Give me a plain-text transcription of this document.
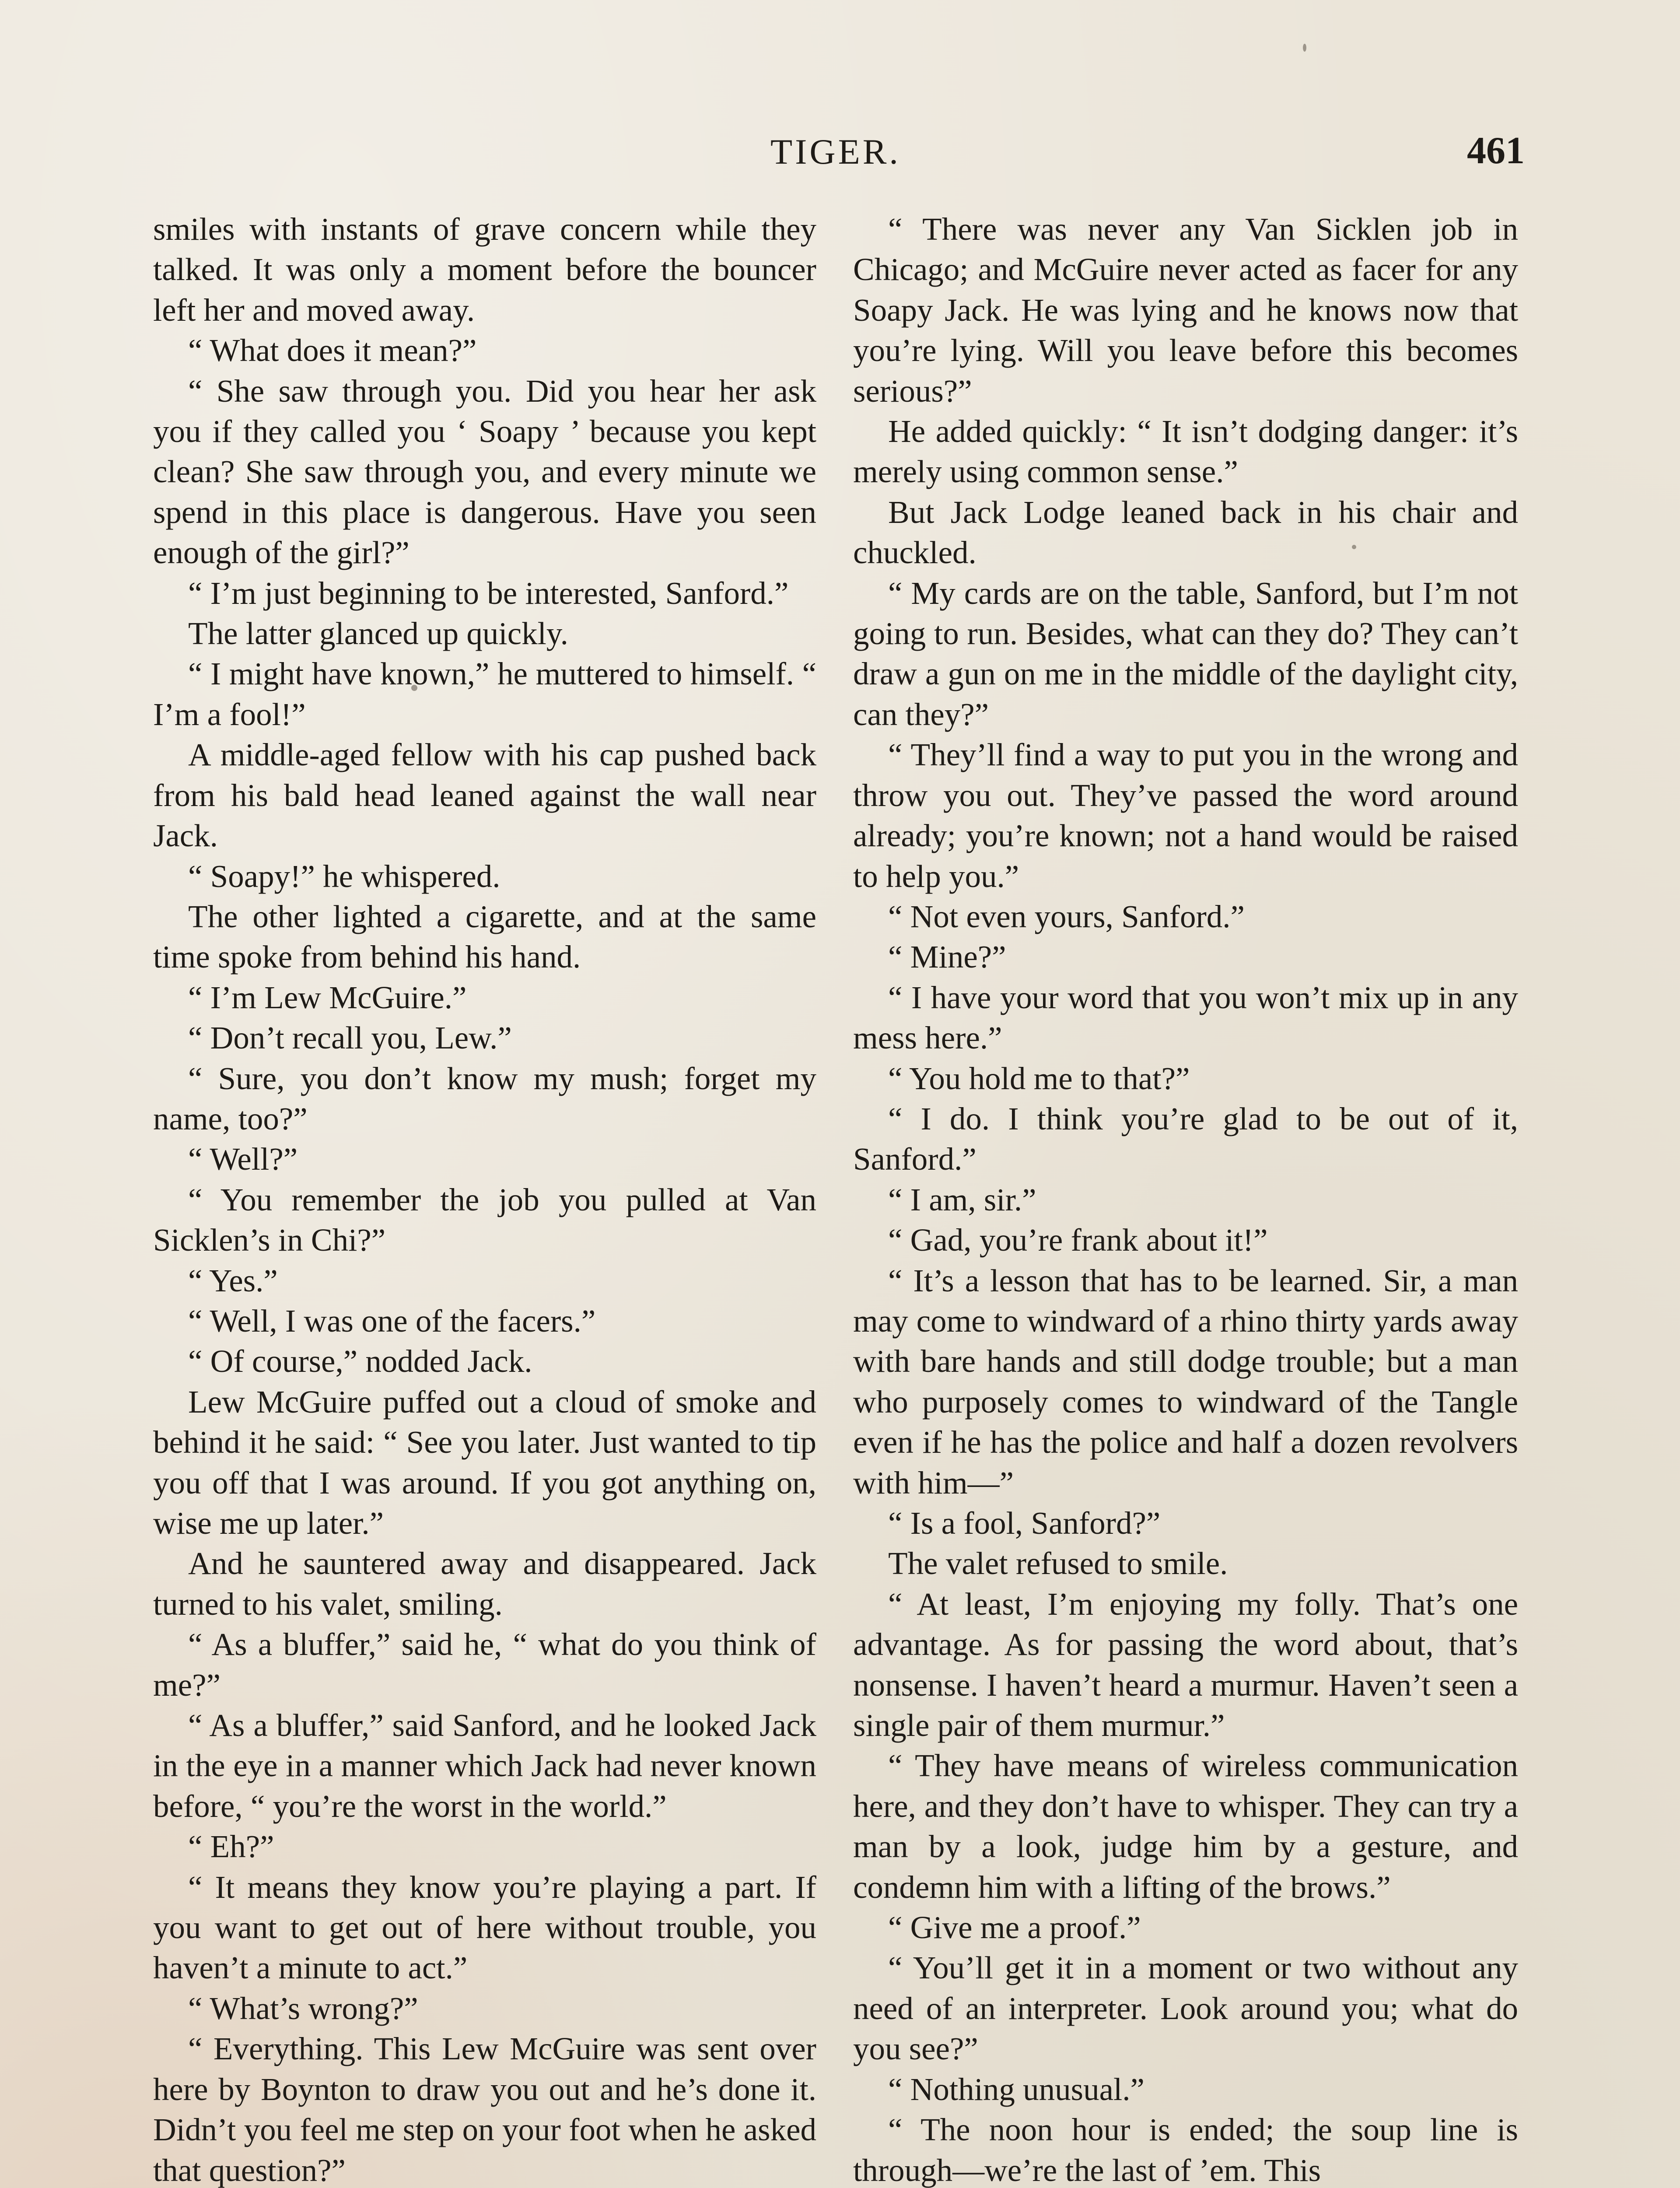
TIGER.	461

smiles with instants of grave concern while they talked. It was only a moment before the bouncer left her and moved away.

“ What does it mean?”

“ She saw through you. Did you hear her ask you if they called you ‘ Soapy ’ because you kept clean? She saw through you, and every minute we spend in this place is dangerous. Have you seen enough of the girl?”

“ I’m just beginning to be interested, Sanford.”

The latter glanced up quickly.

“ I might have known,” he muttered to himself. “ I’m a fool!”

A middle-aged fellow with his cap pushed back from his bald head leaned against the wall near Jack.

“ Soapy!” he whispered.

The other lighted a cigarette, and at the same time spoke from behind his hand.

“ I’m Lew McGuire.”

“ Don’t recall you, Lew.”

“ Sure, you don’t know my mush; forget my name, too?”

“ Well?”

“ You remember the job you pulled at Van Sicklen’s in Chi?”

“ Yes.”

“ Well, I was one of the facers.”

“ Of course,” nodded Jack.

Lew McGuire puffed out a cloud of smoke and behind it he said: “ See you later. Just wanted to tip you off that I was around. If you got anything on, wise me up later.”

And he sauntered away and disappeared. Jack turned to his valet, smiling.

“ As a bluffer,” said he, “ what do you think of me?”

“ As a bluffer,” said Sanford, and he looked Jack in the eye in a manner which Jack had never known before, “ you’re the worst in the world.”

“ Eh?”

“ It means they know you’re playing a part. If you want to get out of here without trouble, you haven’t a minute to act.”

“ What’s wrong?”

“ Everything. This Lew McGuire was sent over here by Boynton to draw you out and he’s done it. Didn’t you feel me step on your foot when he asked that question?”

“ There was never any Van Sicklen job in Chicago; and McGuire never acted as facer for any Soapy Jack. He was lying and he knows now that you’re lying. Will you leave before this becomes serious?”

He added quickly: “ It isn’t dodging danger: it’s merely using common sense.”

But Jack Lodge leaned back in his chair and chuckled.

“ My cards are on the table, Sanford, but I’m not going to run. Besides, what can they do? They can’t draw a gun on me in the middle of the daylight city, can they?”

“ They’ll find a way to put you in the wrong and throw you out. They’ve passed the word around already; you’re known; not a hand would be raised to help you.”

“ Not even yours, Sanford.”

“ Mine?”

“ I have your word that you won’t mix up in any mess here.”

“ You hold me to that?”

“ I do. I think you’re glad to be out of it, Sanford.”

“ I am, sir.”

“ Gad, you’re frank about it!”

“ It’s a lesson that has to be learned. Sir, a man may come to windward of a rhino thirty yards away with bare hands and still dodge trouble; but a man who purposely comes to windward of the Tangle even if he has the police and half a dozen revolvers with him—”

“ Is a fool, Sanford?”

The valet refused to smile.

“ At least, I’m enjoying my folly. That’s one advantage. As for passing the word about, that’s nonsense. I haven’t heard a murmur. Haven’t seen a single pair of them murmur.”

“ They have means of wireless communication here, and they don’t have to whisper. They can try a man by a look, judge him by a gesture, and condemn him with a lifting of the brows.”

“ Give me a proof.”

“ You’ll get it in a moment or two without any need of an interpreter. Look around you; what do you see?”

“ Nothing unusual.”

“ The noon hour is ended; the soup line is through—we’re the last of ’em. This
